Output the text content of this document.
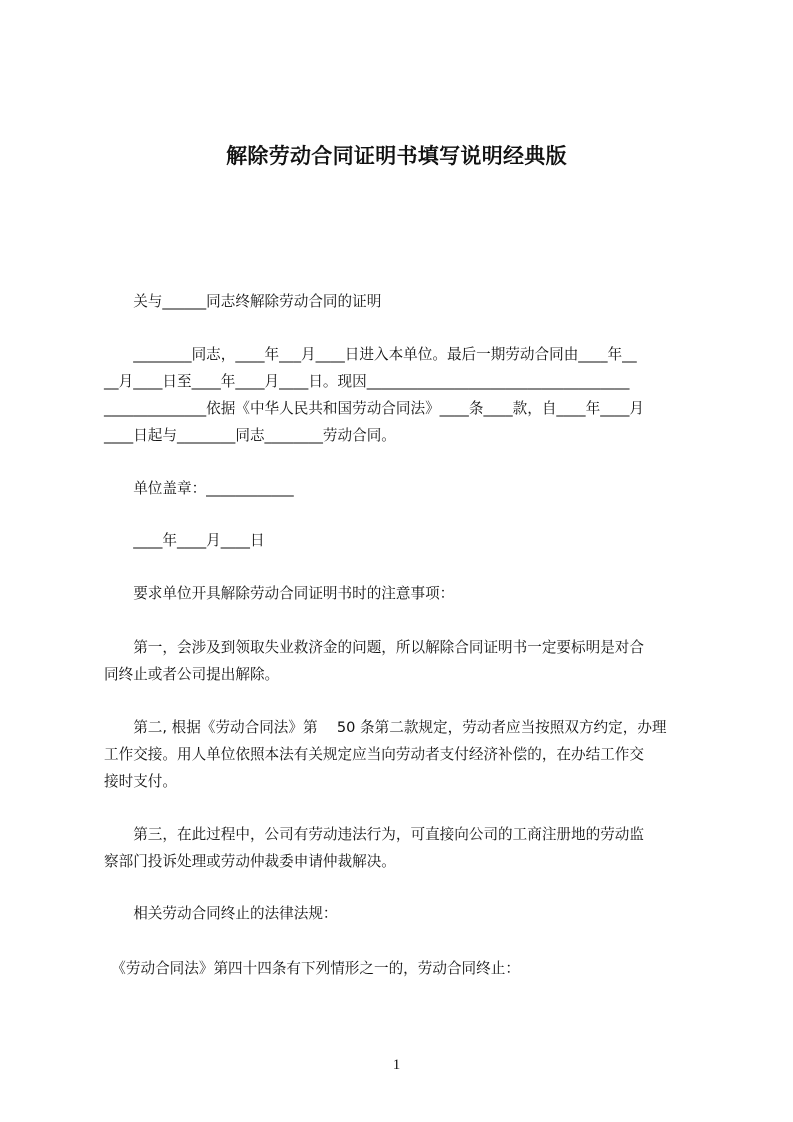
解除劳动合同证明书填写说明经典版

　　关与______同志终解除劳动合同的证明

　　________同志，____年___月____日进入本单位。最后一期劳动合同由____年__
__月____日至____年____月____日。现因____________________________________
______________依据《中华人民共和国劳动合同法》____条____款，自____年____月
____日起与________同志________劳动合同。

　　单位盖章：____________

　　____年____月____日

　　要求单位开具解除劳动合同证明书时的注意事项：

　　第一，会涉及到领取失业救济金的问题，所以解除合同证明书一定要标明是对合
同终止或者公司提出解除。
　　第二, 根据《劳动合同法》第　 50 条第二款规定，劳动者应当按照双方约定，办理
工作交接。用人单位依照本法有关规定应当向劳动者支付经济补偿的，在办结工作交
接时支付。
　　第三，在此过程中，公司有劳动违法行为，可直接向公司的工商注册地的劳动监
察部门投诉处理或劳动仲裁委申请仲裁解决。

　　相关劳动合同终止的法律法规：

　《劳动合同法》第四十四条有下列情形之一的，劳动合同终止：

1
